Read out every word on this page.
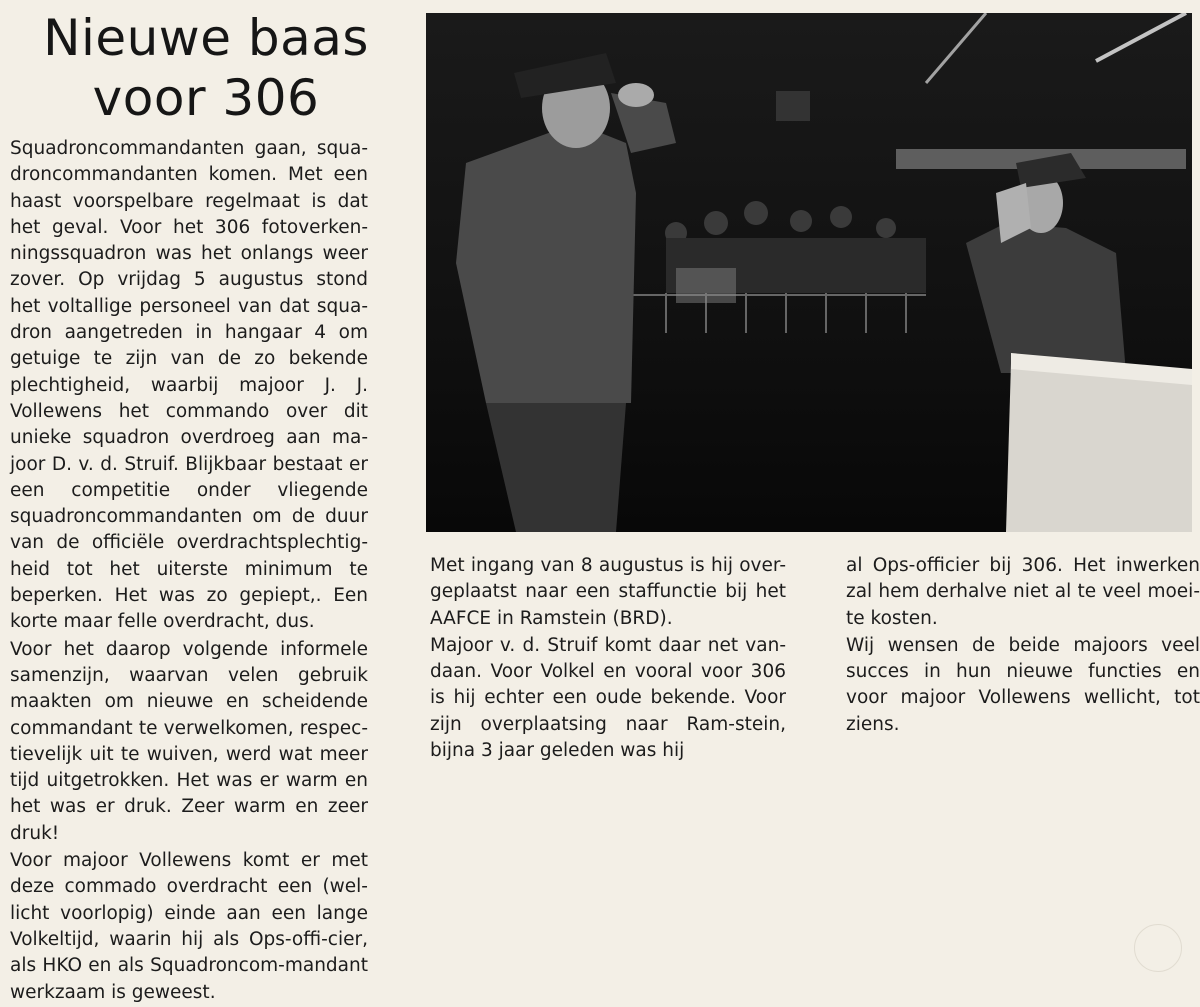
Nieuwe baas
voor 306

Squadroncommandanten gaan, squa-droncommandanten komen. Met een haast voorspelbare regelmaat is dat het geval. Voor het 306 fotoverken-ningssquadron was het onlangs weer zover. Op vrijdag 5 augustus stond het voltallige personeel van dat squa-dron aangetreden in hangaar 4 om getuige te zijn van de zo bekende plechtigheid, waarbij majoor J. J. Vollewens het commando over dit unieke squadron overdroeg aan ma-joor D. v. d. Struif. Blijkbaar bestaat er een competitie onder vliegende squadroncommandanten om de duur van de officiële overdrachtsplechtig-heid tot het uiterste minimum te beperken. Het was zo gepiept,. Een korte maar felle overdracht, dus.

Voor het daarop volgende informele samenzijn, waarvan velen gebruik maakten om nieuwe en scheidende commandant te verwelkomen, respec-tievelijk uit te wuiven, werd wat meer tijd uitgetrokken. Het was er warm en het was er druk. Zeer warm en zeer druk!

Voor majoor Vollewens komt er met deze commado overdracht een (wel-licht voorlopig) einde aan een lange Volkeltijd, waarin hij als Ops-offi-cier, als HKO en als Squadroncom-mandant werkzaam is geweest.

Met ingang van 8 augustus is hij over-geplaatst naar een staffunctie bij het AAFCE in Ramstein (BRD).

Majoor v. d. Struif komt daar net van-daan. Voor Volkel en vooral voor 306 is hij echter een oude bekende. Voor zijn overplaatsing naar Ram-stein, bijna 3 jaar geleden was hij

al Ops-officier bij 306. Het inwerken zal hem derhalve niet al te veel moei-te kosten.

Wij wensen de beide majoors veel succes in hun nieuwe functies en voor majoor Vollewens wellicht, tot ziens.
